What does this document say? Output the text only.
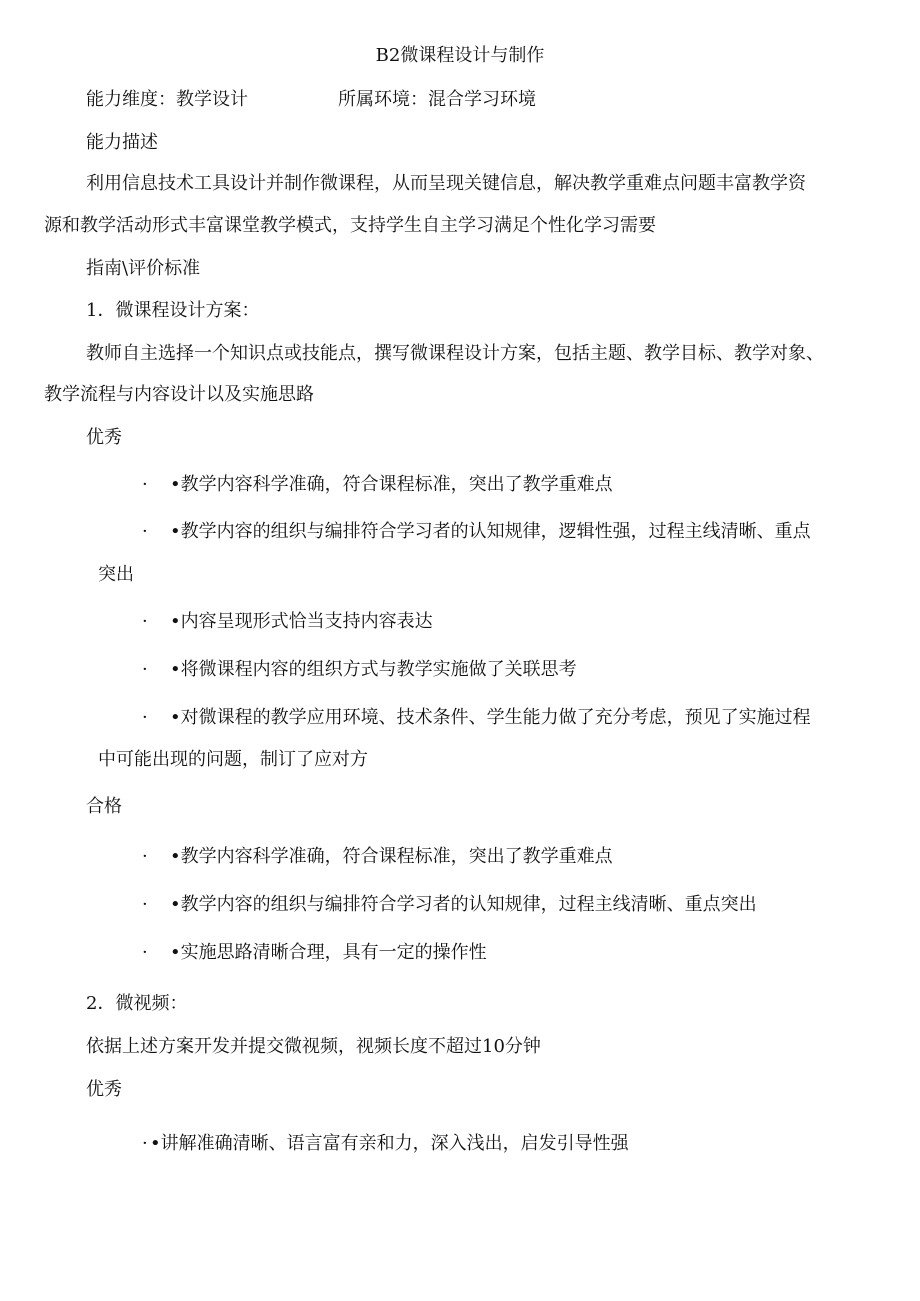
B2微课程设计与制作

能力维度：教学设计	所属环境：混合学习环境

能力描述

利用信息技术工具设计并制作微课程，从而呈现关键信息，解决教学重难点问题丰富教学资

源和教学活动形式丰富课堂教学模式，支持学生自主学习满足个性化学习需要

指南\评价标准

1．微课程设计方案：

教师自主选择一个知识点或技能点，撰写微课程设计方案，包括主题、教学目标、教学对象、

教学流程与内容设计以及实施思路

优秀

· •教学内容科学准确，符合课程标准，突出了教学重难点
· •教学内容的组织与编排符合学习者的认知规律，逻辑性强，过程主线清晰、重点
突出
· •内容呈现形式恰当支持内容表达
· •将微课程内容的组织方式与教学实施做了关联思考
· •对微课程的教学应用环境、技术条件、学生能力做了充分考虑，预见了实施过程
中可能出现的问题，制订了应对方

合格

· •教学内容科学准确，符合课程标准，突出了教学重难点
· •教学内容的组织与编排符合学习者的认知规律，过程主线清晰、重点突出
· •实施思路清晰合理，具有一定的操作性

2．微视频：

依据上述方案开发并提交微视频，视频长度不超过10分钟

优秀

· •讲解准确清晰、语言富有亲和力，深入浅出，启发引导性强
